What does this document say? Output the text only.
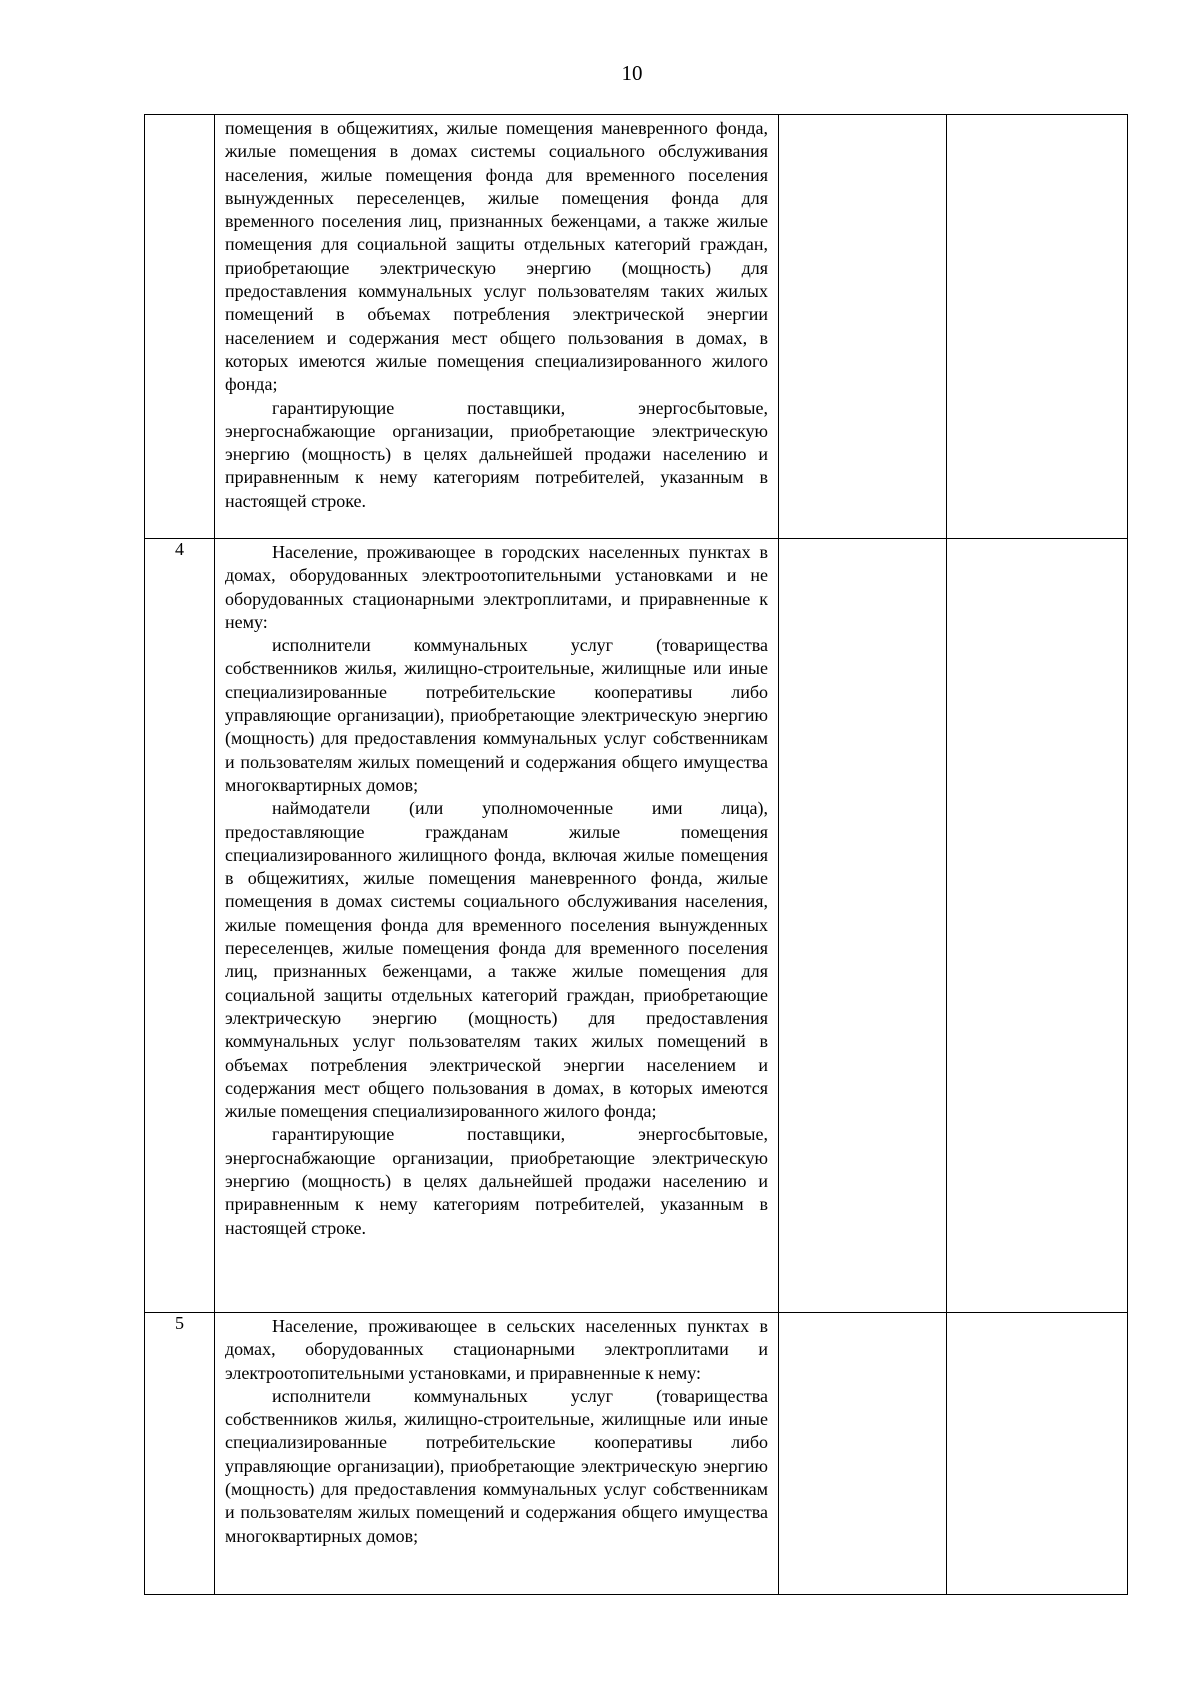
10

	помещения в общежитиях, жилые помещения маневренного фонда, жилые помещения в домах системы социального обслуживания населения, жилые помещения фонда для временного поселения вынужденных переселенцев, жилые помещения фонда для временного поселения лиц, признанных беженцами, а также жилые помещения для социальной защиты отдельных категорий граждан, приобретающие электрическую энергию (мощность) для предоставления коммунальных услуг пользователям таких жилых помещений в объемах потребления электрической энергии населением и содержания мест общего пользования в домах, в которых имеются жилые помещения специализированного жилого фонда;

гарантирующие поставщики, энергосбытовые, энергоснабжающие организации, приобретающие электрическую энергию (мощность) в целях дальнейшей продажи населению и приравненным к нему категориям потребителей, указанным в настоящей строке.		

4	Население, проживающее в городских населенных пунктах в домах, оборудованных электроотопительными установками и не оборудованных стационарными электроплитами, и приравненные к нему:

исполнители коммунальных услуг (товарищества собственников жилья, жилищно-строительные, жилищные или иные специализированные потребительские кооперативы либо управляющие организации), приобретающие электрическую энергию (мощность) для предоставления коммунальных услуг собственникам и пользователям жилых помещений и содержания общего имущества многоквартирных домов;

наймодатели (или уполномоченные ими лица), предоставляющие гражданам жилые помещения специализированного жилищного фонда, включая жилые помещения в общежитиях, жилые помещения маневренного фонда, жилые помещения в домах системы социального обслуживания населения, жилые помещения фонда для временного поселения вынужденных переселенцев, жилые помещения фонда для временного поселения лиц, признанных беженцами, а также жилые помещения для социальной защиты отдельных категорий граждан, приобретающие электрическую энергию (мощность) для предоставления коммунальных услуг пользователям таких жилых помещений в объемах потребления электрической энергии населением и содержания мест общего пользования в домах, в которых имеются жилые помещения специализированного жилого фонда;

гарантирующие поставщики, энергосбытовые, энергоснабжающие организации, приобретающие электрическую энергию (мощность) в целях дальнейшей продажи населению и приравненным к нему категориям потребителей, указанным в настоящей строке.		

5	Население, проживающее в сельских населенных пунктах в домах, оборудованных стационарными электроплитами и электроотопительными установками, и приравненные к нему:

исполнители коммунальных услуг (товарищества собственников жилья, жилищно-строительные, жилищные или иные специализированные потребительские кооперативы либо управляющие организации), приобретающие электрическую энергию (мощность) для предоставления коммунальных услуг собственникам и пользователям жилых помещений и содержания общего имущества многоквартирных домов;		
